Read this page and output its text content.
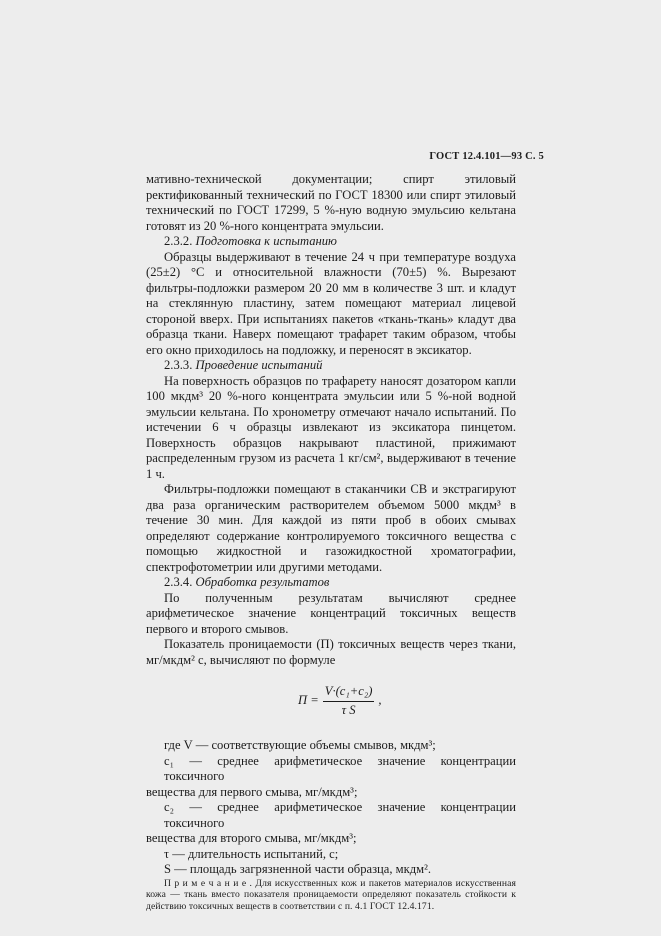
ГОСТ 12.4.101—93 С. 5

мативно-технической документации; спирт этиловый ректификованный технический по ГОСТ 18300 или спирт этиловый технический по ГОСТ 17299, 5 %-ную водную эмульсию кельтана готовят из 20 %-ного концентрата эмульсии.

2.3.2. Подготовка к испытанию

Образцы выдерживают в течение 24 ч при температуре воздуха (25±2) °С и относительной влажности (70±5) %. Вырезают фильтры-подложки размером 20 20 мм в количестве 3 шт. и кладут на стеклянную пластину, затем помещают материал лицевой стороной вверх. При испытаниях пакетов «ткань-ткань» кладут два образца ткани. Наверх помещают трафарет таким образом, чтобы его окно приходилось на подложку, и переносят в эксикатор.

2.3.3. Проведение испытаний

На поверхность образцов по трафарету наносят дозатором капли 100 мкдм³ 20 %-ного концентрата эмульсии или 5 %-ной водной эмульсии кельтана. По хронометру отмечают начало испытаний. По истечении 6 ч образцы извлекают из эксикатора пинцетом. Поверхность образцов накрывают пластиной, прижимают распределенным грузом из расчета 1 кг/см², выдерживают в течение 1 ч.

Фильтры-подложки помещают в стаканчики СВ и экстрагируют два раза органическим растворителем объемом 5000 мкдм³ в течение 30 мин. Для каждой из пяти проб в обоих смывах определяют содержание контролируемого токсичного вещества с помощью жидкостной и газожидкостной хроматографии, спектрофотометрии или другими методами.

2.3.4. Обработка результатов

По полученным результатам вычисляют среднее арифметическое значение концентраций токсичных веществ первого и второго смывов.

Показатель проницаемости (П) токсичных веществ через ткани, мг/мкдм² с, вычисляют по формуле

$П = \frac{\text{V·(c₁+c₂)}}{\text{τ S}}$ ,

где V — соответствующие объемы смывов, мкдм³;

c₁ — среднее арифметическое значение концентрации токсичного

вещества для первого смыва, мг/мкдм³;

c₂ — среднее арифметическое значение концентрации токсичного

вещества для второго смыва, мг/мкдм³;

τ — длительность испытаний, с;

S — площадь загрязненной части образца, мкдм².

П р и м е ч а н и е . Для искусственных кож и пакетов материалов искусственная кожа — ткань вместо показателя проницаемости определяют показатель стойкости к действию токсичных веществ в соответствии с п. 4.1 ГОСТ 12.4.171.
